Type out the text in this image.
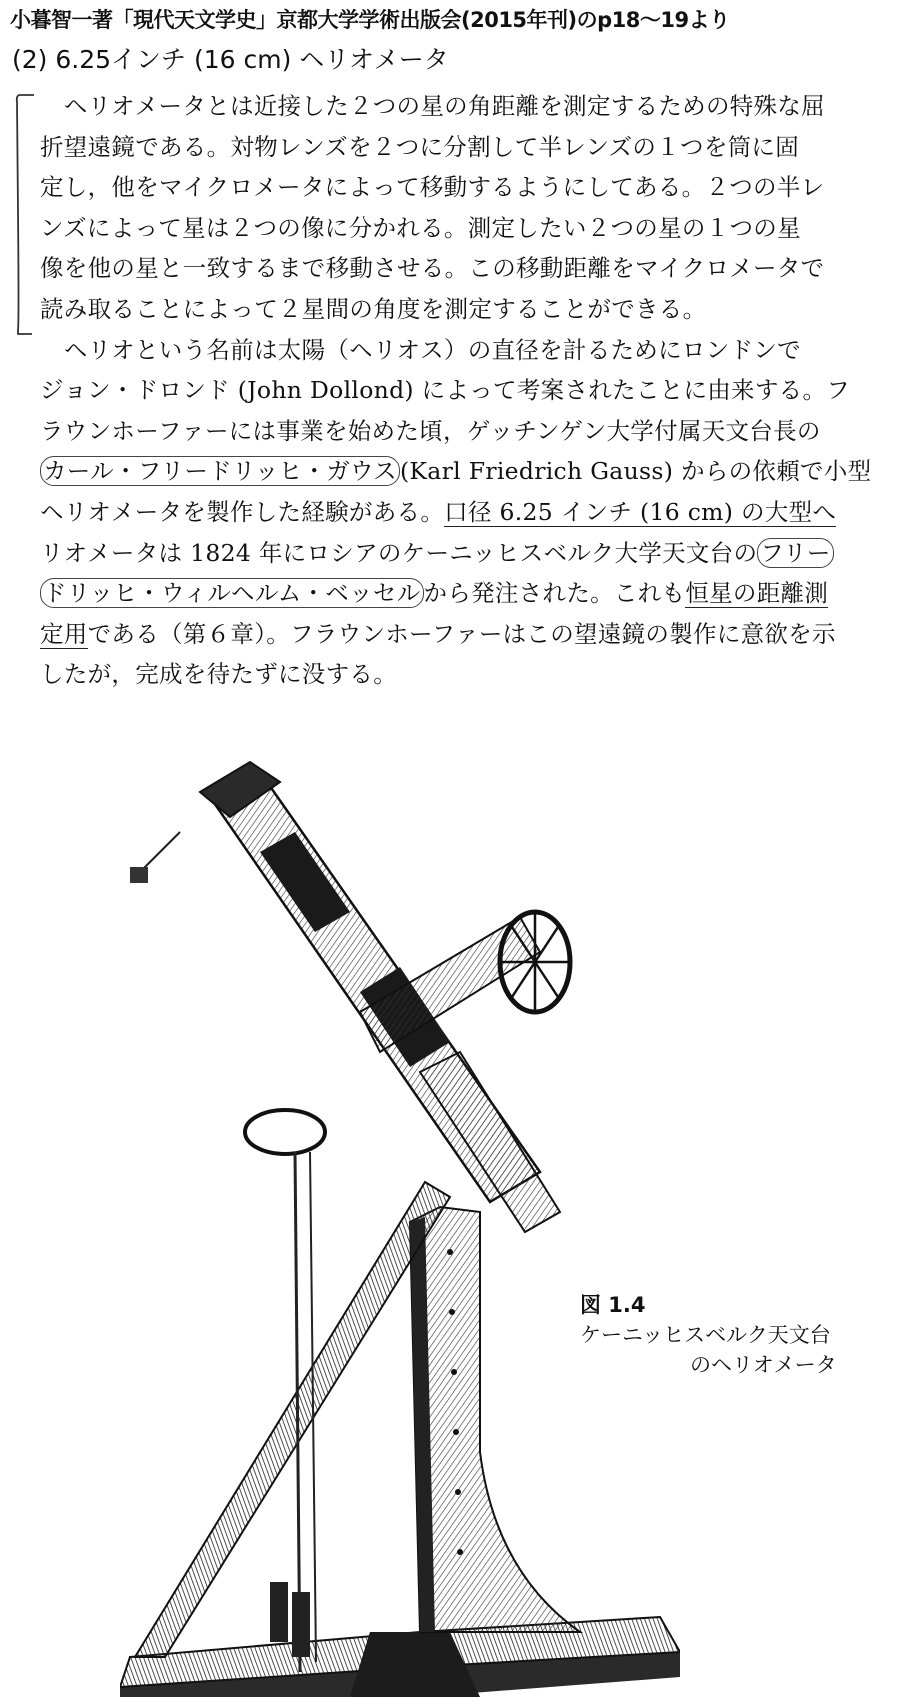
小暮智一著「現代天文学史」京都大学学術出版会(2015年刊)のp18〜19より
(2) 6.25インチ (16 cm) ヘリオメータ
　ヘリオメータとは近接した２つの星の角距離を測定するための特殊な屈
折望遠鏡である。対物レンズを２つに分割して半レンズの１つを筒に固
定し，他をマイクロメータによって移動するようにしてある。２つの半レ
ンズによって星は２つの像に分かれる。測定したい２つの星の１つの星
像を他の星と一致するまで移動させる。この移動距離をマイクロメータで
読み取ることによって２星間の角度を測定することができる。
　ヘリオという名前は太陽（ヘリオス）の直径を計るためにロンドンで
ジョン・ドロンド (John Dollond) によって考案されたことに由来する。フ
ラウンホーファーには事業を始めた頃，ゲッチンゲン大学付属天文台長の
カール・フリードリッヒ・ガウス (Karl Friedrich Gauss) からの依頼で小型
ヘリオメータを製作した経験がある。口径 6.25 インチ (16 cm) の大型へ
リオメータは 1824 年にロシアのケーニッヒスベルク大学天文台の フリー
ドリッヒ・ウィルヘルム・ベッセル から発注された。これも恒星の距離測
定用である（第６章）。フラウンホーファーはこの望遠鏡の製作に意欲を示
したが，完成を待たずに没する。
図 1.4
ケーニッヒスベルク天文台
のヘリオメータ
